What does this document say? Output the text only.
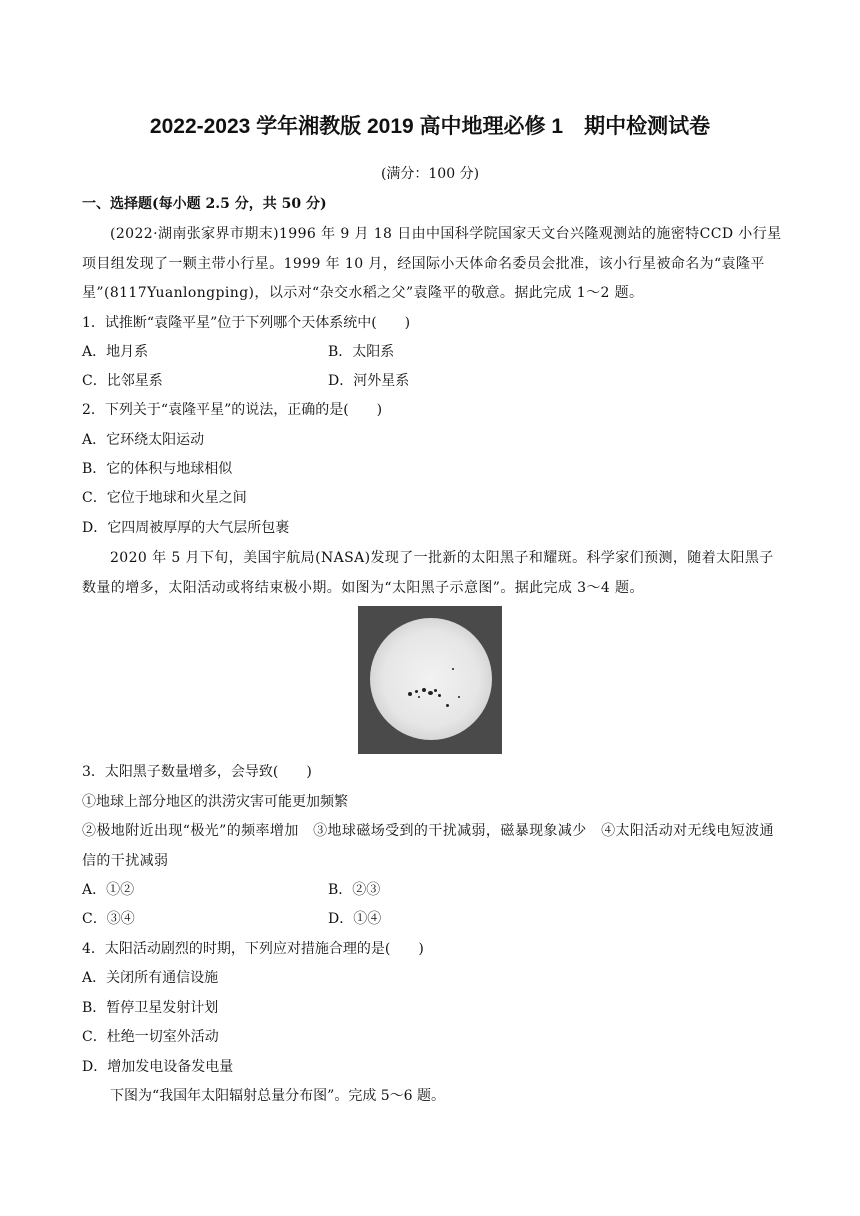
2022-2023 学年湘教版 2019 高中地理必修 1　期中检测试卷
(满分：100 分)
一、选择题(每小题 2.5 分，共 50 分)
(2022·湖南张家界市期末)1996 年 9 月 18 日由中国科学院国家天文台兴隆观测站的施密特CCD 小行星项目组发现了一颗主带小行星。1999 年 10 月，经国际小天体命名委员会批准，该小行星被命名为“袁隆平星”(8117Yuanlongping)，以示对“杂交水稻之父”袁隆平的敬意。据此完成 1～2 题。
1．试推断“袁隆平星”位于下列哪个天体系统中(　　)
A．地月系	B．太阳系
C．比邻星系	D．河外星系
2．下列关于“袁隆平星”的说法，正确的是(　　)
A．它环绕太阳运动
B．它的体积与地球相似
C．它位于地球和火星之间
D．它四周被厚厚的大气层所包裹
2020 年 5 月下旬，美国宇航局(NASA)发现了一批新的太阳黑子和耀斑。科学家们预测，随着太阳黑子数量的增多，太阳活动或将结束极小期。如图为“太阳黑子示意图”。据此完成 3～4 题。
3．太阳黑子数量增多，会导致(　　)
①地球上部分地区的洪涝灾害可能更加频繁
②极地附近出现“极光”的频率增加　③地球磁场受到的干扰减弱，磁暴现象减少　④太阳活动对无线电短波通信的干扰减弱
A．①②	B．②③
C．③④	D．①④
4．太阳活动剧烈的时期，下列应对措施合理的是(　　)
A．关闭所有通信设施
B．暂停卫星发射计划
C．杜绝一切室外活动
D．增加发电设备发电量
下图为“我国年太阳辐射总量分布图”。完成 5～6 题。
